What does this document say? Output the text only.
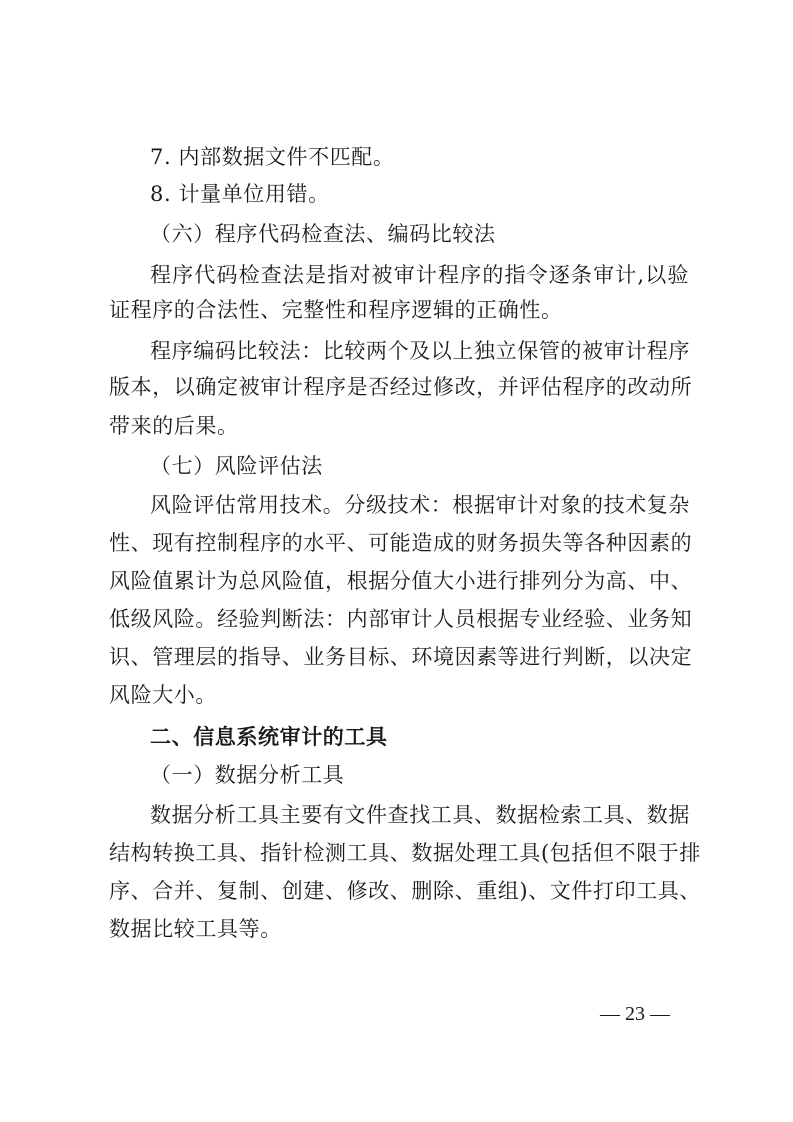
7. 内部数据文件不匹配。
8. 计量单位用错。
（六）程序代码检查法、编码比较法
程序代码检查法是指对被审计程序的指令逐条审计,以验
证程序的合法性、完整性和程序逻辑的正确性。
程序编码比较法：比较两个及以上独立保管的被审计程序
版本，以确定被审计程序是否经过修改，并评估程序的改动所
带来的后果。
（七）风险评估法
风险评估常用技术。分级技术：根据审计对象的技术复杂
性、现有控制程序的水平、可能造成的财务损失等各种因素的
风险值累计为总风险值，根据分值大小进行排列分为高、中、
低级风险。经验判断法：内部审计人员根据专业经验、业务知
识、管理层的指导、业务目标、环境因素等进行判断，以决定
风险大小。
二、信息系统审计的工具
（一）数据分析工具
数据分析工具主要有文件查找工具、数据检索工具、数据
结构转换工具、指针检测工具、数据处理工具(包括但不限于排
序、合并、复制、创建、修改、删除、重组)、文件打印工具、
数据比较工具等。
— 23 —
